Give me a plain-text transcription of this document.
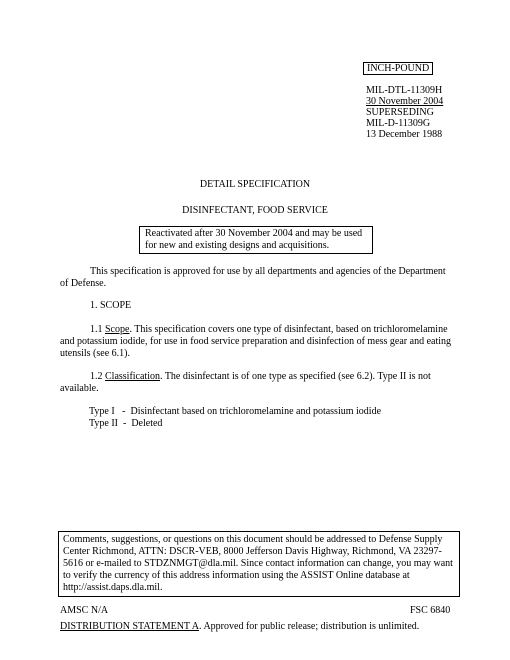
INCH-POUND
MIL-DTL-11309H
30 November 2004
SUPERSEDING
MIL-D-11309G
13 December 1988
DETAIL SPECIFICATION
DISINFECTANT, FOOD SERVICE
Reactivated after 30 November 2004 and may be used for new and existing designs and acquisitions.
This specification is approved for use by all departments and agencies of the Department of Defense.
1. SCOPE
1.1 Scope. This specification covers one type of disinfectant, based on trichloromelamine and potassium iodide, for use in food service preparation and disinfection of mess gear and eating utensils (see 6.1).
1.2 Classification. The disinfectant is of one type as specified (see 6.2). Type II is not available.
Type I   -  Disinfectant based on trichloromelamine and potassium iodide
Type II  -  Deleted
Comments, suggestions, or questions on this document should be addressed to Defense Supply Center Richmond, ATTN: DSCR-VEB, 8000 Jefferson Davis Highway, Richmond, VA 23297-5616 or e-mailed to STDZNMGT@dla.mil. Since contact information can change, you may want to verify the currency of this address information using the ASSIST Online database at http://assist.daps.dla.mil.
AMSC N/A	FSC 6840
DISTRIBUTION STATEMENT A. Approved for public release; distribution is unlimited.
